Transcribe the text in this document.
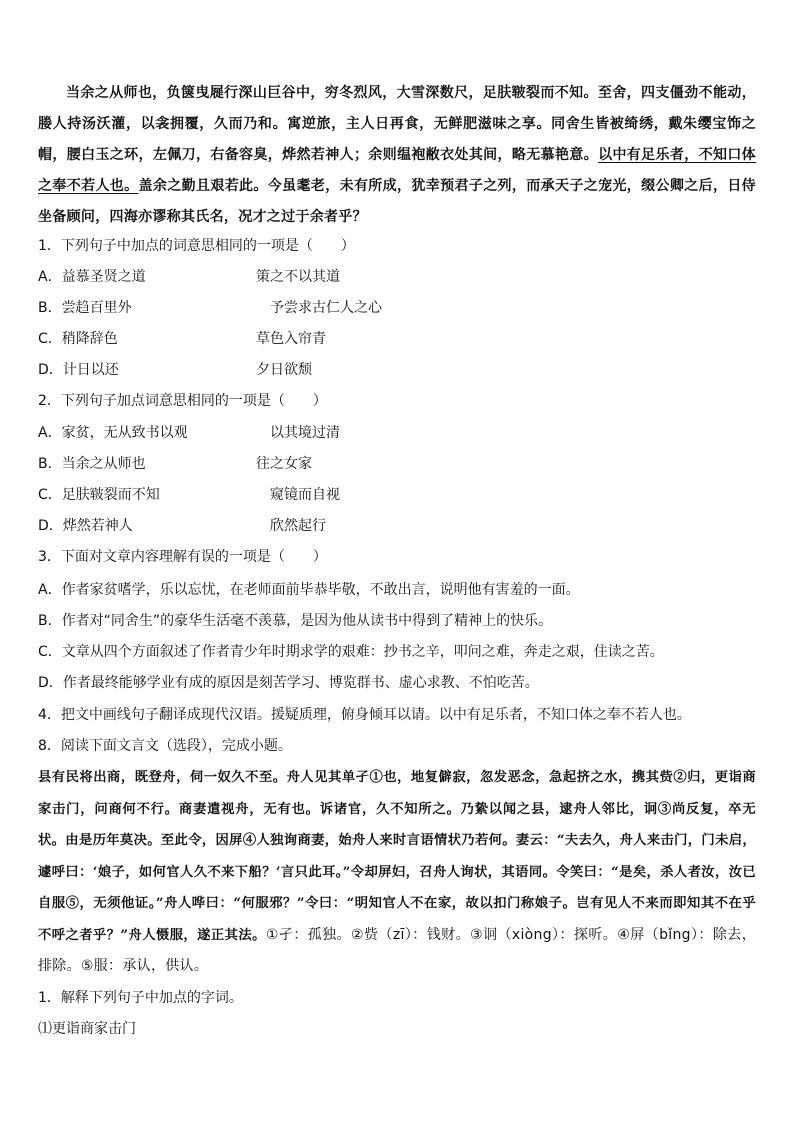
当余之从师也，负箧曳屣行深山巨谷中，穷冬烈风，大雪深数尺，足肤皲裂而不知。至舍，四支僵劲不能动，媵人持汤沃灌，以衾拥覆，久而乃和。寓逆旅，主人日再食，无鲜肥滋味之享。同舍生皆被绮绣，戴朱缨宝饰之帽，腰白玉之环，左佩刀，右备容臭，烨然若神人；余则缊袍敝衣处其间，略无慕艳意。以中有足乐者，不知口体之奉不若人也。盖余之勤且艰若此。今虽耄老，未有所成，犹幸预君子之列，而承天子之宠光，缀公卿之后，日侍坐备顾问，四海亦谬称其氏名，况才之过于余者乎？
1．下列句子中加点的词意思相同的一项是（　　）
A．益慕圣贤之道	策之不以其道
B．尝趋百里外	予尝求古仁人之心
C．稍降辞色	草色入帘青
D．计日以还	夕日欲颓
2．下列句子加点词意思相同的一项是（　　）
A．家贫，无从致书以观	以其境过清
B．当余之从师也	往之女家
C．足肤皲裂而不知	窥镜而自视
D．烨然若神人	欣然起行
3．下面对文章内容理解有误的一项是（　　）
A．作者家贫嗜学，乐以忘忧，在老师面前毕恭毕敬，不敢出言，说明他有害羞的一面。
B．作者对“同舍生”的豪华生活毫不羡慕，是因为他从读书中得到了精神上的快乐。
C．文章从四个方面叙述了作者青少年时期求学的艰难：抄书之辛，叩问之难，奔走之艰，住读之苦。
D．作者最终能够学业有成的原因是刻苦学习、博览群书、虚心求教、不怕吃苦。
4．把文中画线句子翻译成现代汉语。援疑质理，俯身倾耳以请。以中有足乐者，不知口体之奉不若人也。
8．阅读下面文言文（选段），完成小题。
县有民将出商，既登舟，伺一奴久不至。舟人见其单孑①也，地复僻寂，忽发恶念，急起挤之水，携其赀②归，更诣商家击门，问商何不行。商妻遣视舟，无有也。诉诸官，久不知所之。乃絷以闻之县，逮舟人邻比，诇③尚反复，卒无状。由是历年莫决。至此令，因屏④人独询商妻，始舟人来时言语情状乃若何。妻云：“夫去久，舟人来击门，门未启，遽呼曰：‘娘子，如何官人久不来下船？’言只此耳。”令却屏妇，召舟人询状，其语同。令笑曰：“是矣，杀人者汝，汝已自服⑤，无须他证。”舟人哗曰：“何服邪？”令曰：“明知官人不在家，故以扣门称娘子。岂有见人不来而即知其不在乎不呼之者乎？”舟人慑服，遂正其法。①孑：孤独。②赀（zī）：钱财。③诇（xiòng）：探听。④屏（bǐng）：除去，排除。⑤服：承认，供认。
1．解释下列句子中加点的字词。
⑴更诣商家击门
